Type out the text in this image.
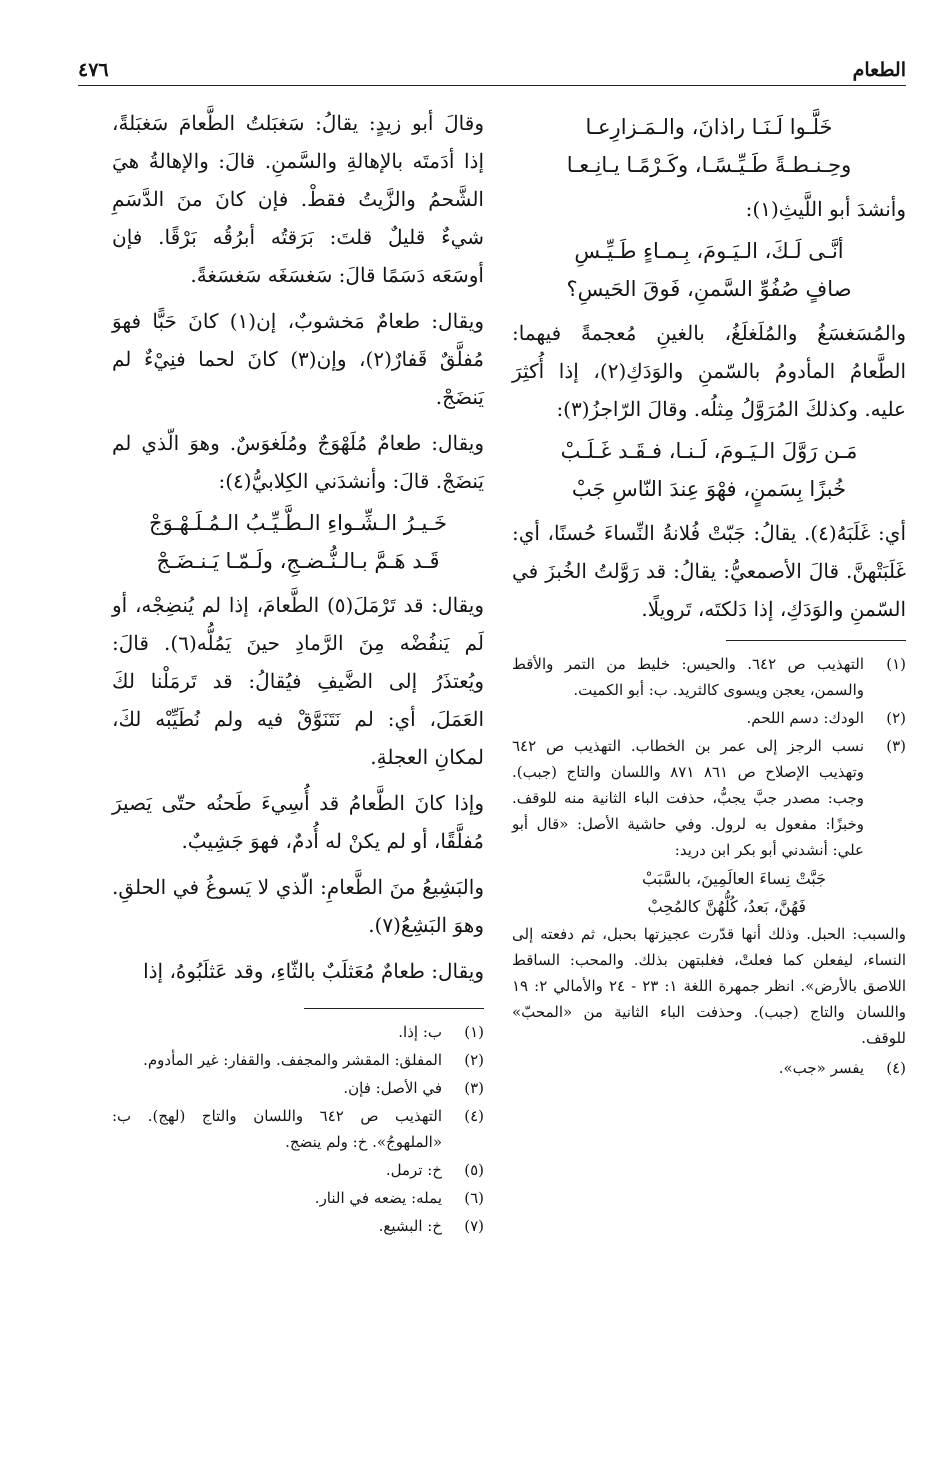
الطعام
٤٧٦

خَلَّـوا لَـنَـا راذانَ، والـمَـزارِعـا

وحِـنـطـةً طَـيِّـسًـا، وكَـرْمًـا يـانِـعـا

وأنشدَ أبو اللَّيثِ(١):

أنَّـى لَـكَ، الـيَـومَ، بِـمـاءٍ طَـيِّـسِ

صافٍ صُفُوِّ السَّمنِ، فَوقَ الحَيسِ؟

والمُسَغسَغُ والمُلَغلَغُ، بالغينِ مُعجمةً فيهما: الطَّعامُ المأدومُ بالسّمنِ والوَدَكِ(٢)، إذا أُكثِرَ عليه. وكذلكَ المُرَوَّلُ مِثلُه. وقالَ الرّاجزُ(٣):

مَـن رَوَّلَ الـيَـومَ، لَـنـا، فـقَـد غَـلَـبْ

خُبزًا بِسَمنٍ، فهْوَ عِندَ النّاسِ جَبْ

أي: غَلَبَهُ(٤). يقالُ: جَبّتْ فُلانةُ النِّساءَ حُسنًا، أي: غَلَبَتْهنَّ. قالَ الأصمعيُّ: يقالُ: قد رَوَّلتُ الخُبزَ في السّمنِ والوَدَكِ، إذا دَلكتَه، تَرويلًا.

(١)
التهذيب ص ٦٤٢. والحيس: خليط من التمر والأقط والسمن، يعجن ويسوى كالثريد. ب: أبو الكميت.
(٢)
الودك: دسم اللحم.
(٣)
نسب الرجز إلى عمر بن الخطاب. التهذيب ص ٦٤٢ وتهذيب الإصلاح ص ٨٦١ ٨٧١ واللسان والتاج (جبب). وجب: مصدر جبَّ يجبُّ، حذفت الباء الثانية منه للوقف. وخبزًا: مفعول به لرول. وفي حاشية الأصل: «قال أبو علي: أنشدني أبو بكر ابن دريد:

جَبَّتْ نِساءَ العالَمِينَ، بالسَّبَبْ

فَهُنَّ، بَعدُ، كُلُّهُنَّ كالمُحِبْ

والسبب: الحبل. وذلك أنها قدّرت عجيزتها بحبل، ثم دفعته إلى النساء، ليفعلن كما فعلتْ، فغلبتهن بذلك. والمحب: الساقط اللاصق بالأرض». انظر جمهرة اللغة ١: ٢٣ - ٢٤ والأمالي ٢: ١٩ واللسان والتاج (جبب). وحذفت الباء الثانية من «المحبّ» للوقف.

(٤)
يفسر «جب».

وقالَ أبو زيدٍ: يقالُ: سَغبَلتُ الطَّعامَ سَغبَلةً، إذا أدَمتَه بالإهالةِ والسَّمنِ. قالَ: والإهالةُ هيَ الشَّحمُ والزَّيتُ فقطْ. فإن كانَ منَ الدَّسَمِ شيءٌ قليلٌ قلتَ: بَرَقتُه أبرُقُه بَرْقًا. فإن أوسَعَه دَسَمًا قالَ: سَغسَغَه سَغسَغةً.

ويقال: طعامٌ مَخشوبٌ، إن(١) كانَ حَبًّا فهوَ مُفلَّقٌ قَفارٌ(٢)، وإن(٣) كانَ لحما فنِيْءٌ لم يَنضَجْ.

ويقال: طعامٌ مُلَهْوَجٌ ومُلَغوَسٌ. وهوَ الّذي لم يَنضَجْ. قالَ: وأنشدَني الكِلابيُّ(٤):

خَـيـرُ الـشِّـواءِ الـطَّـيِّـبُ الـمُـلَـهْـوَجْ

قَـد هَـمَّ بـالـنُّـضـجِ، ولَـمّـا يَـنـضَـجْ

ويقال: قد تَرْمَلَ(٥) الطَّعامَ، إذا لم يُنضِجْه، أو لَم يَنفُضْه مِنَ الرَّمادِ حينَ يَمُلُّه(٦). قالَ: ويُعتذَرُ إلى الضَّيفِ فيُقالُ: قد تَرمَلْنا لكَ العَمَلَ، أي: لم نَتَنَوَّقْ فيه ولم نُطَيِّبْه لكَ، لمكانِ العجلةِ.

وإذا كانَ الطَّعامُ قد أُسِيءَ طَحنُه حتّى يَصيرَ مُفلَّقًا، أو لم يكنْ له أُدمٌ، فهوَ جَشِيبٌ.

والبَشِيعُ منَ الطَّعامِ: الّذي لا يَسوغُ في الحلقِ. وهوَ البَشِعُ(٧).

ويقال: طعامٌ مُعَثلَبٌ بالثّاءِ، وقد عَثلَبُوهُ، إذا

(١)
ب: إذا.
(٢)
المفلق: المقشر والمجفف. والقفار: غير المأدوم.
(٣)
في الأصل: فإن.
(٤)
التهذيب ص ٦٤٢ واللسان والتاج (لهج). ب: «الملهوجُ». خ: ولم ينضج.
(٥)
خ: ترمل.
(٦)
يمله: يضعه في النار.
(٧)
خ: البشيع.
